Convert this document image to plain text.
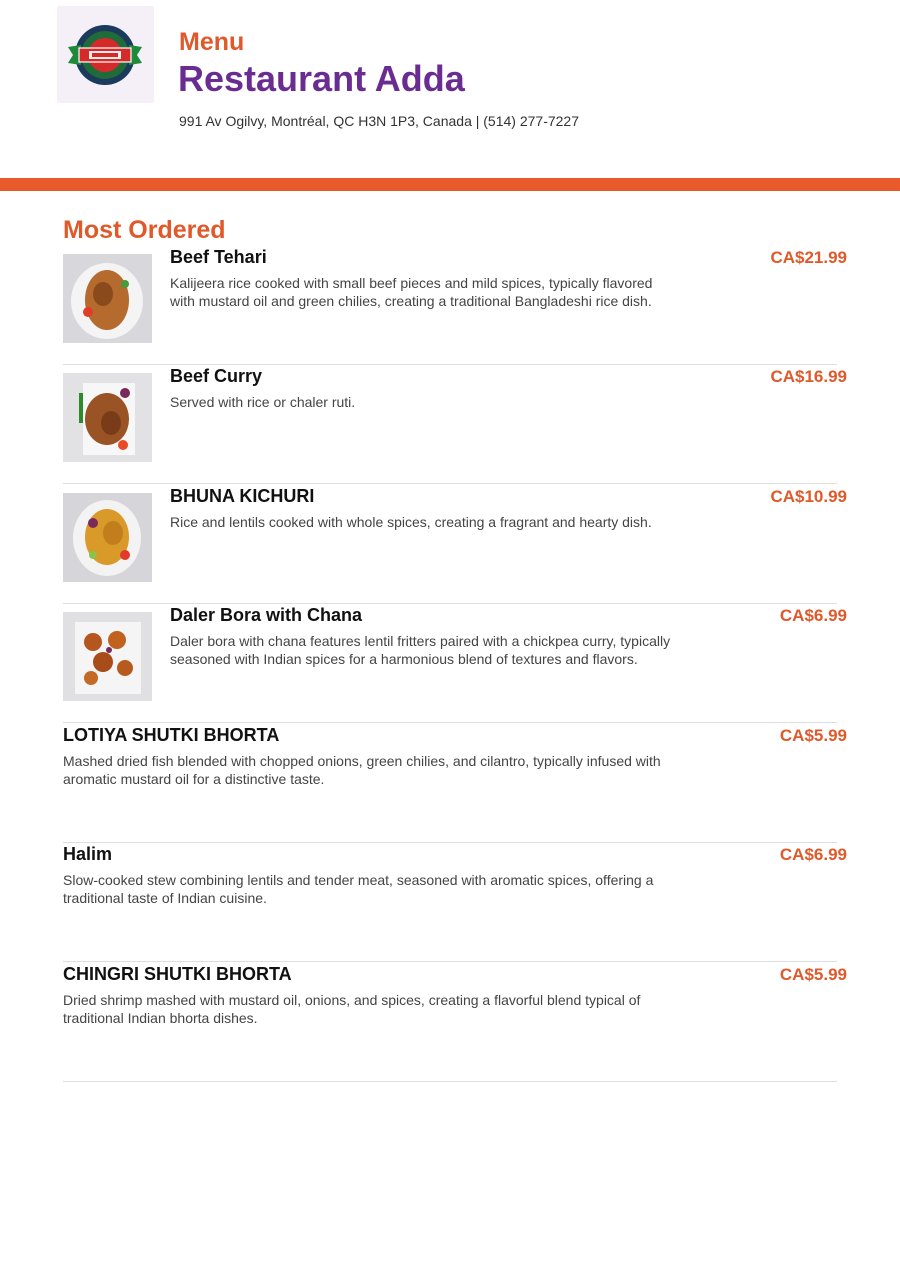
Menu
Restaurant Adda
991 Av Ogilvy, Montréal, QC H3N 1P3, Canada | (514) 277-7227
Most Ordered
Beef Tehari
Kalijeera rice cooked with small beef pieces and mild spices, typically flavored with mustard oil and green chilies, creating a traditional Bangladeshi rice dish.
CA$21.99
Beef Curry
Served with rice or chaler ruti.
CA$16.99
BHUNA KICHURI
Rice and lentils cooked with whole spices, creating a fragrant and hearty dish.
CA$10.99
Daler Bora with Chana
Daler bora with chana features lentil fritters paired with a chickpea curry, typically seasoned with Indian spices for a harmonious blend of textures and flavors.
CA$6.99
LOTIYA SHUTKI BHORTA
Mashed dried fish blended with chopped onions, green chilies, and cilantro, typically infused with aromatic mustard oil for a distinctive taste.
CA$5.99
Halim
Slow-cooked stew combining lentils and tender meat, seasoned with aromatic spices, offering a traditional taste of Indian cuisine.
CA$6.99
CHINGRI SHUTKI BHORTA
Dried shrimp mashed with mustard oil, onions, and spices, creating a flavorful blend typical of traditional Indian bhorta dishes.
CA$5.99
